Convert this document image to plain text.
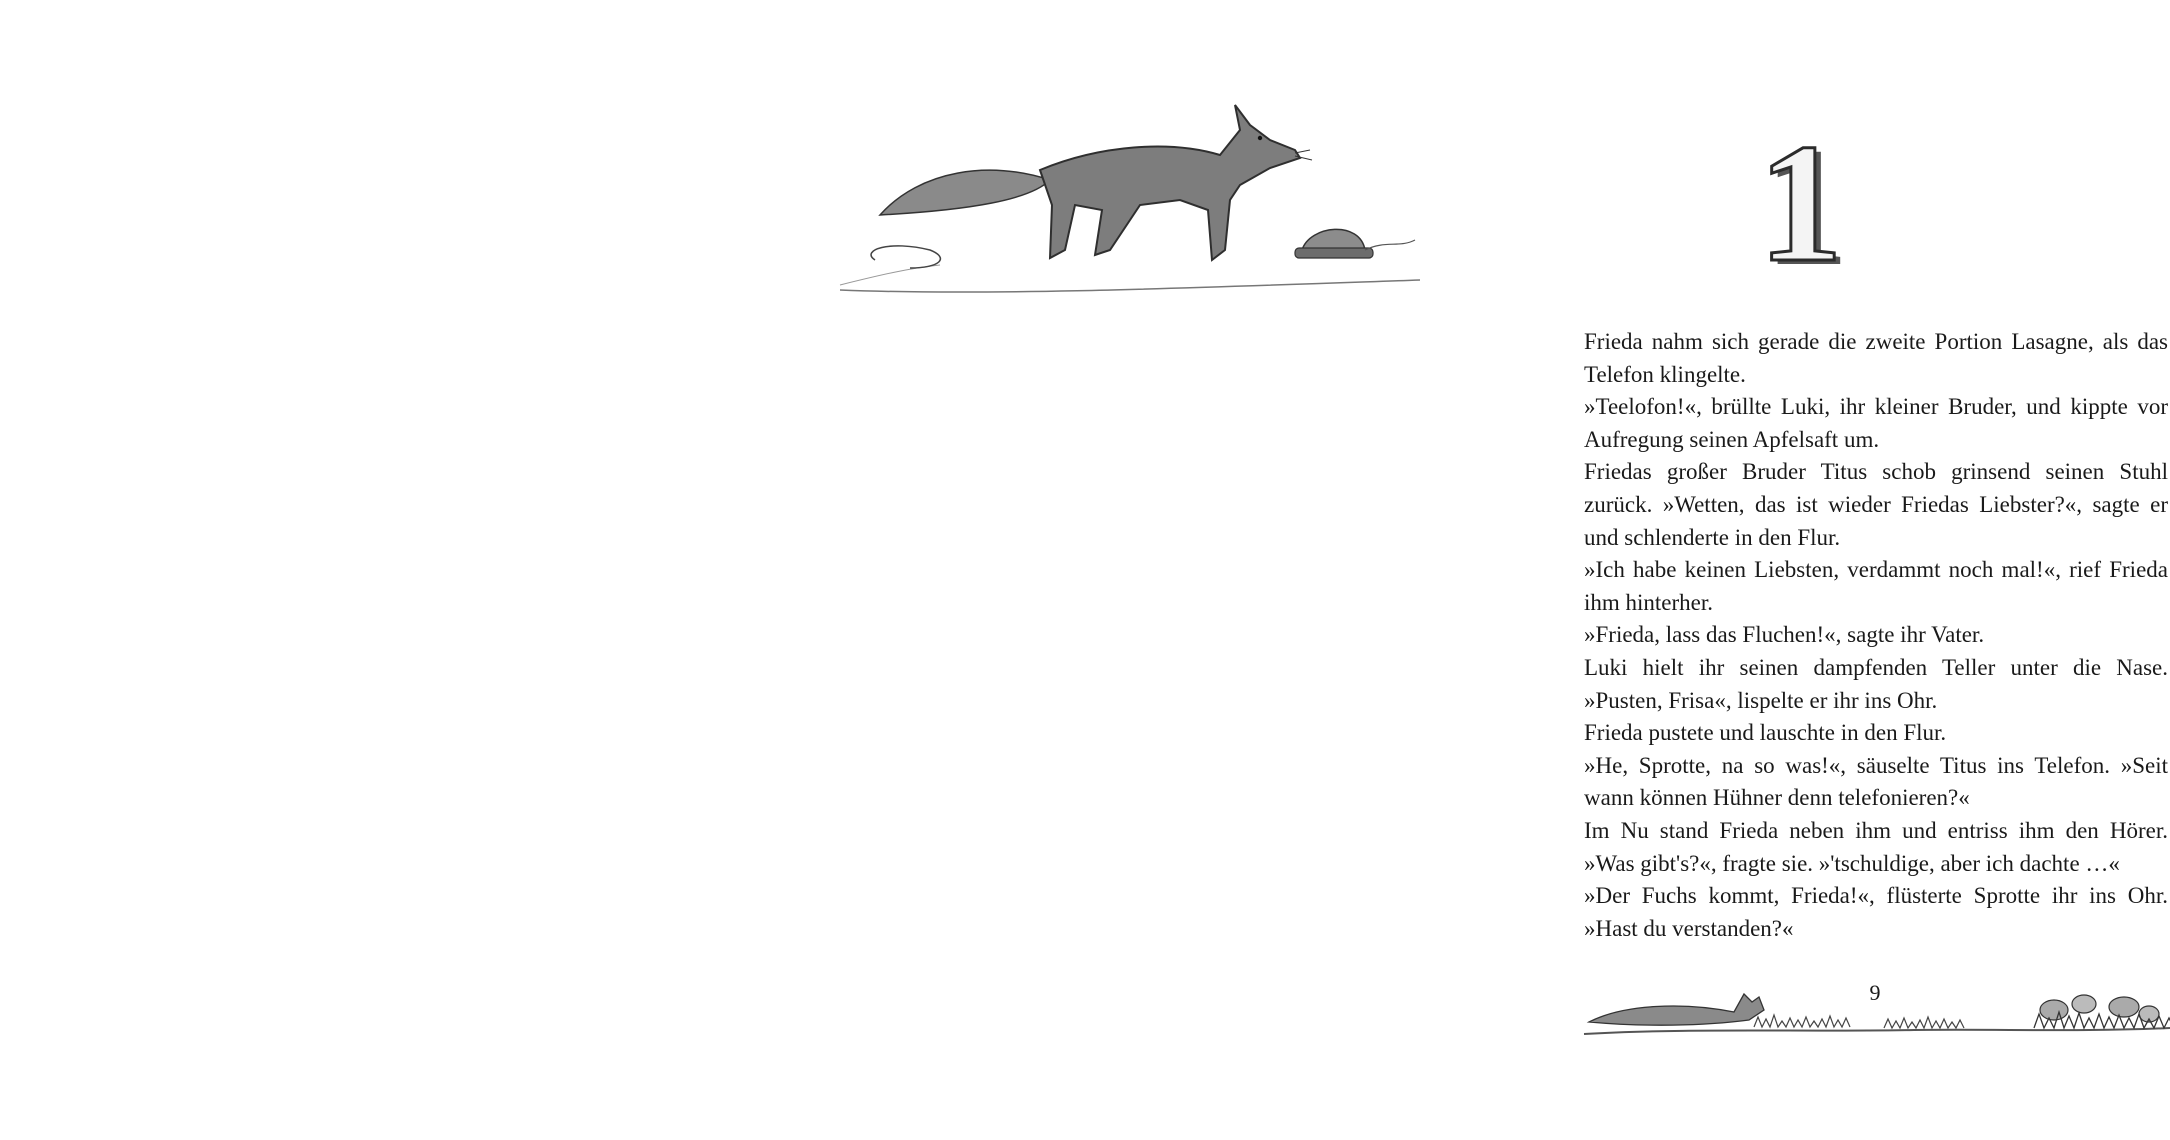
1

Frieda nahm sich gerade die zweite Portion Lasagne, als das Telefon klingelte.

»Teelofon!«, brüllte Luki, ihr kleiner Bruder, und kippte vor Aufregung seinen Apfelsaft um.

Friedas großer Bruder Titus schob grinsend seinen Stuhl zurück. »Wetten, das ist wieder Friedas Liebster?«, sagte er und schlenderte in den Flur.

»Ich habe keinen Liebsten, verdammt noch mal!«, rief Frieda ihm hinterher.

»Frieda, lass das Fluchen!«, sagte ihr Vater.

Luki hielt ihr seinen dampfenden Teller unter die Nase. »Pusten, Frisa«, lispelte er ihr ins Ohr.

Frieda pustete und lauschte in den Flur.

»He, Sprotte, na so was!«, säuselte Titus ins Telefon. »Seit wann können Hühner denn telefonieren?«

Im Nu stand Frieda neben ihm und entriss ihm den Hörer. »Was gibt's?«, fragte sie. »'tschuldige, aber ich dachte …«

»Der Fuchs kommt, Frieda!«, flüsterte Sprotte ihr ins Ohr. »Hast du verstanden?«

9
